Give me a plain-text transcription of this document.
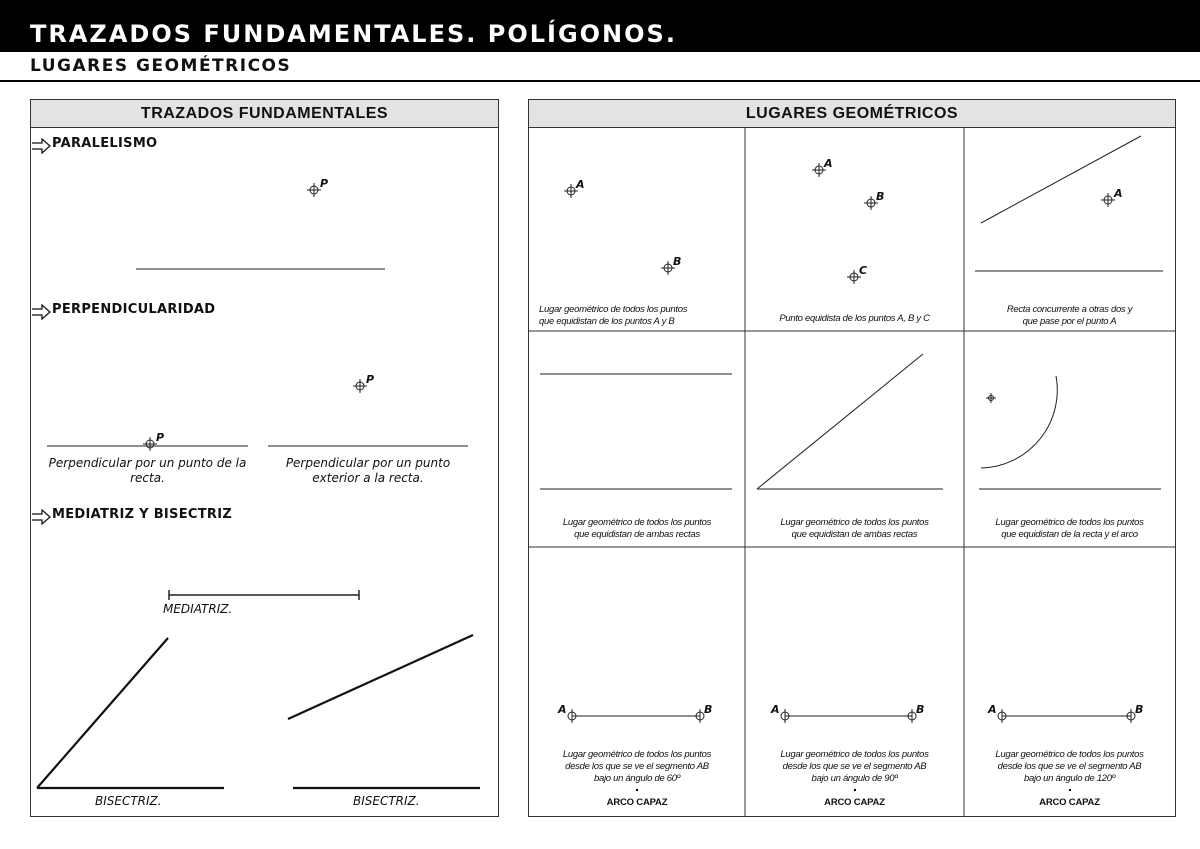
TRAZADOS FUNDAMENTALES. POLÍGONOS.
LUGARES GEOMÉTRICOS
TRAZADOS FUNDAMENTALES
PARALELISMO
PERPENDICULARIDAD
MEDIATRIZ Y BISECTRIZ
P
P
P
Perpendicular por un punto de la recta.
Perpendicular por un punto exterior a la recta.
MEDIATRIZ.
BISECTRIZ.	BISECTRIZ.
LUGARES GEOMÉTRICOS
A
B
A
B
C
A
A	B	A	B	A	B
Lugar geométrico de todos los puntos
que equidistan de los puntos A y B	Punto equidista de los puntos A, B y C
Recta concurrente a otras dos y
que pase por el punto A
Lugar geométrico de todos los puntos
que equidistan de ambas rectas
Lugar geométrico de todos los puntos
que equidistan de ambas rectas
Lugar geométrico de todos los puntos
que equidistan de la recta y el arco
Lugar geométrico de todos los puntos
desde los que se ve el segmento AB
bajo un ángulo de 60º
ARCO CAPAZ
Lugar geométrico de todos los puntos
desde los que se ve el segmento AB
bajo un ángulo de 90º
ARCO CAPAZ
Lugar geométrico de todos los puntos
desde los que se ve el segmento AB
bajo un ángulo de 120º
ARCO CAPAZ
